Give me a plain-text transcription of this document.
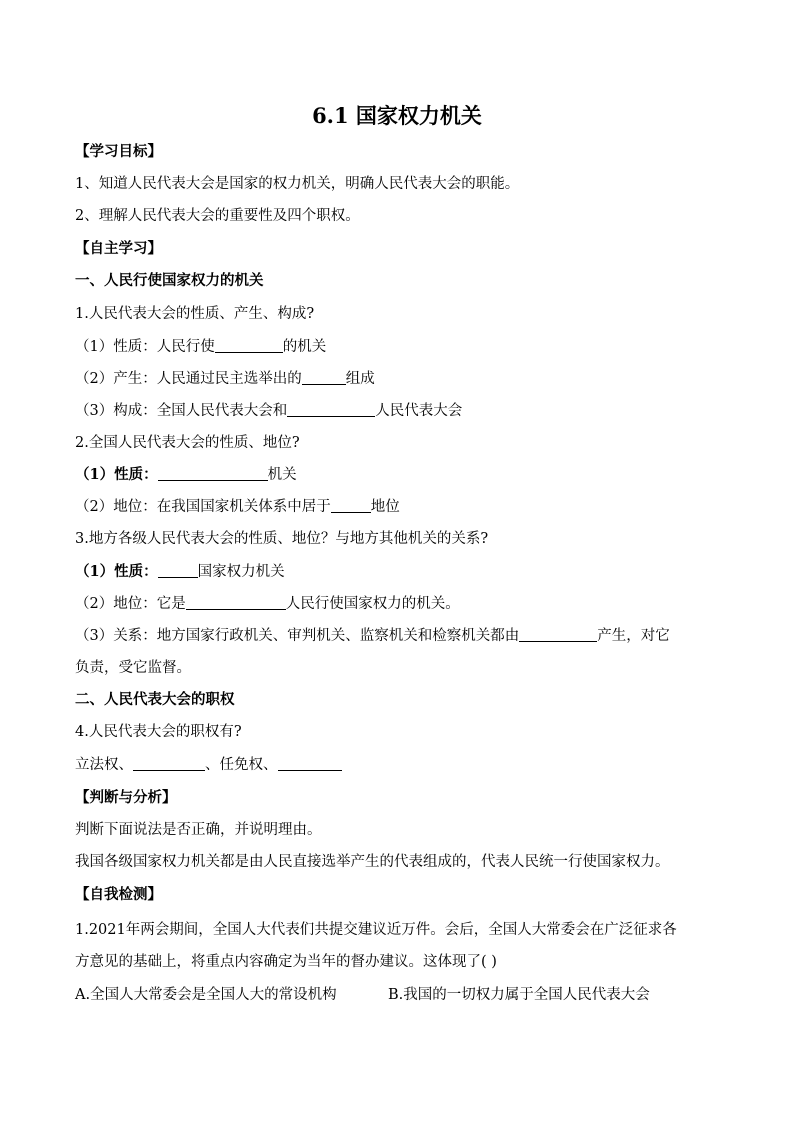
6.1 国家权力机关
【学习目标】
1、知道人民代表大会是国家的权力机关，明确人民代表大会的职能。
2、理解人民代表大会的重要性及四个职权。
【自主学习】
一、人民行使国家权力的机关
1.人民代表大会的性质、产生、构成?
（1）性质：人民行使	的机关
（2）产生：人民通过民主选举出的	组成
（3）构成：全国人民代表大会和	人民代表大会
2.全国人民代表大会的性质、地位?
（1）性质：	机关
（2）地位：在我国国家机关体系中居于	地位
3.地方各级人民代表大会的性质、地位？与地方其他机关的关系?
（1）性质：	国家权力机关
（2）地位：它是	人民行使国家权力的机关。
（3）关系：地方国家行政机关、审判机关、监察机关和检察机关都由	产生，对它
负责，受它监督。
二、人民代表大会的职权
4.人民代表大会的职权有?
立法权、	、任免权、
【判断与分析】
判断下面说法是否正确，并说明理由。
我国各级国家权力机关都是由人民直接选举产生的代表组成的，代表人民统一行使国家权力。
【自我检测】
1.2021年两会期间，全国人大代表们共提交建议近万件。会后，全国人大常委会在广泛征求各
方意见的基础上，将重点内容确定为当年的督办建议。这体现了( )
A.全国人大常委会是全国人大的常设机构	B.我国的一切权力属于全国人民代表大会
